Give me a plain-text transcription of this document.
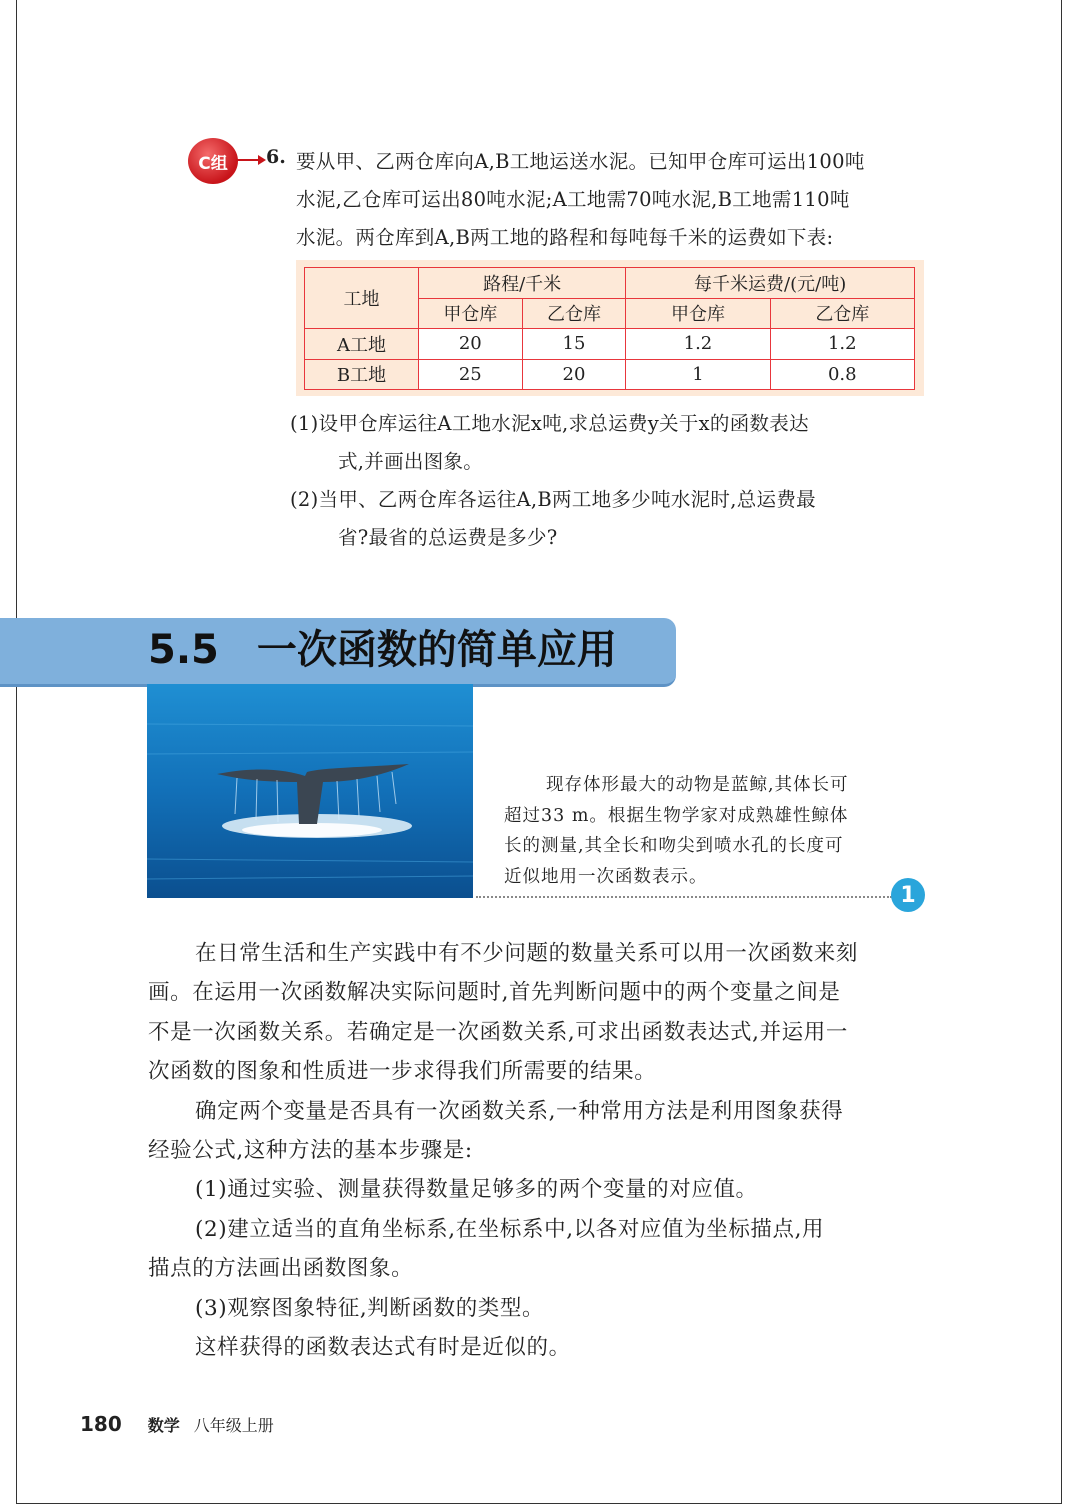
C组	6. 要从甲、乙两仓库向A,B工地运送水泥。已知甲仓库可运出100吨
水泥,乙仓库可运出80吨水泥;A工地需70吨水泥,B工地需110吨
水泥。两仓库到A,B两工地的路程和每吨每千米的运费如下表:
工地	路程/千米		每千米运费/(元/吨)	
	甲仓库	乙仓库	甲仓库	乙仓库
A工地	20	15	1.2	1.2
B工地	25	20	1	0.8
(1)设甲仓库运往A工地水泥x吨,求总运费y关于x的函数表达
式,并画出图象。
(2)当甲、乙两仓库各运往A,B两工地多少吨水泥时,总运费最
省?最省的总运费是多少?
5.5 一次函数的简单应用
现存体形最大的动物是蓝鲸,其体长可
超过33 m。根据生物学家对成熟雄性鲸体
长的测量,其全长和吻尖到喷水孔的长度可
近似地用一次函数表示。
1
在日常生活和生产实践中有不少问题的数量关系可以用一次函数来刻
画。在运用一次函数解决实际问题时,首先判断问题中的两个变量之间是
不是一次函数关系。若确定是一次函数关系,可求出函数表达式,并运用一
次函数的图象和性质进一步求得我们所需要的结果。
确定两个变量是否具有一次函数关系,一种常用方法是利用图象获得
经验公式,这种方法的基本步骤是:
(1)通过实验、测量获得数量足够多的两个变量的对应值。
(2)建立适当的直角坐标系,在坐标系中,以各对应值为坐标描点,用
描点的方法画出函数图象。
(3)观察图象特征,判断函数的类型。
这样获得的函数表达式有时是近似的。
180 数学 八年级上册
